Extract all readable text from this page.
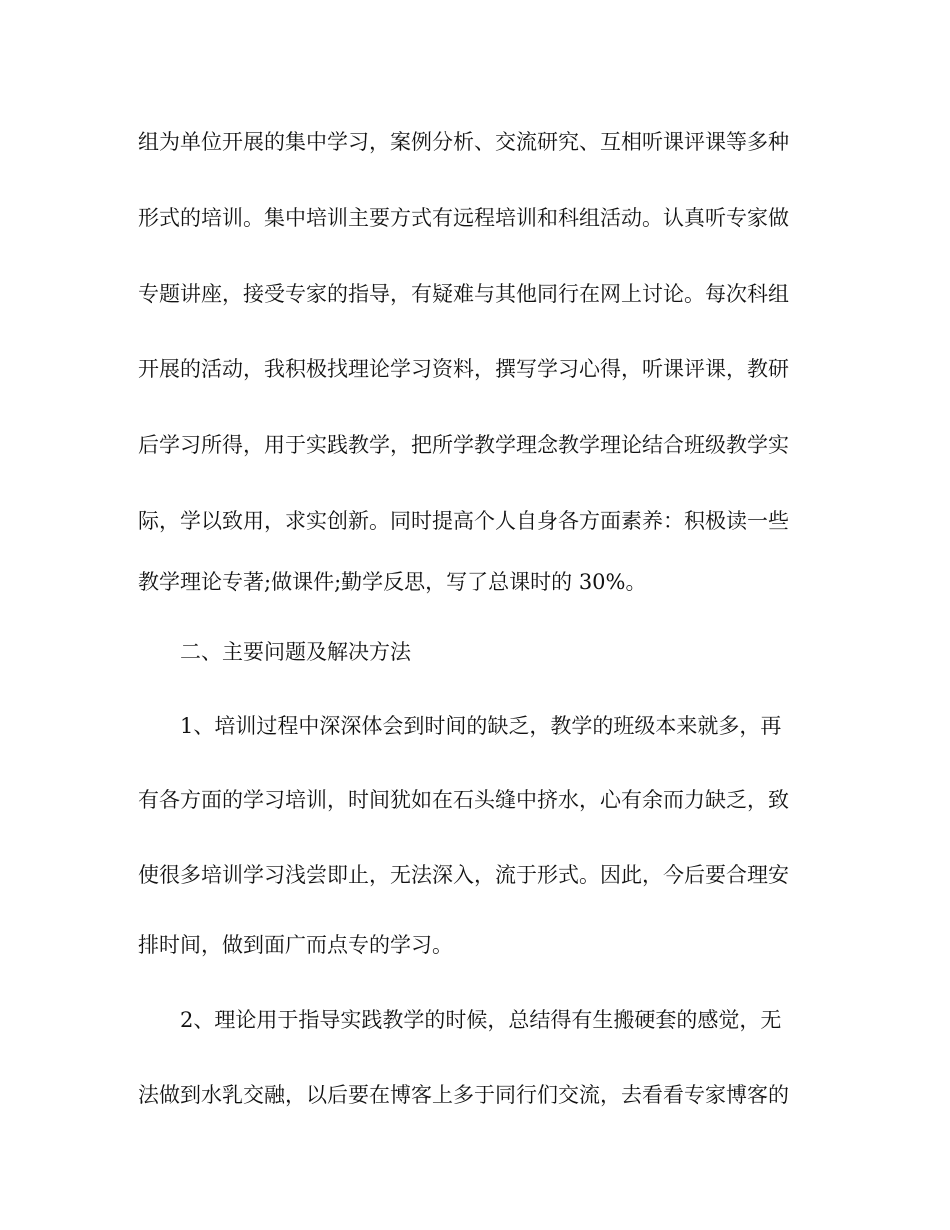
组为单位开展的集中学习，案例分析、交流研究、互相听课评课等多种
形式的培训。集中培训主要方式有远程培训和科组活动。认真听专家做
专题讲座，接受专家的指导，有疑难与其他同行在网上讨论。每次科组
开展的活动，我积极找理论学习资料，撰写学习心得，听课评课，教研
后学习所得，用于实践教学，把所学教学理念教学理论结合班级教学实
际，学以致用，求实创新。同时提高个人自身各方面素养：积极读一些
教学理论专著;做课件;勤学反思，写了总课时的 30%。
二、主要问题及解决方法
1、培训过程中深深体会到时间的缺乏，教学的班级本来就多，再
有各方面的学习培训，时间犹如在石头缝中挤水，心有余而力缺乏，致
使很多培训学习浅尝即止，无法深入，流于形式。因此，今后要合理安
排时间，做到面广而点专的学习。
2、理论用于指导实践教学的时候，总结得有生搬硬套的感觉，无
法做到水乳交融，以后要在博客上多于同行们交流，去看看专家博客的
